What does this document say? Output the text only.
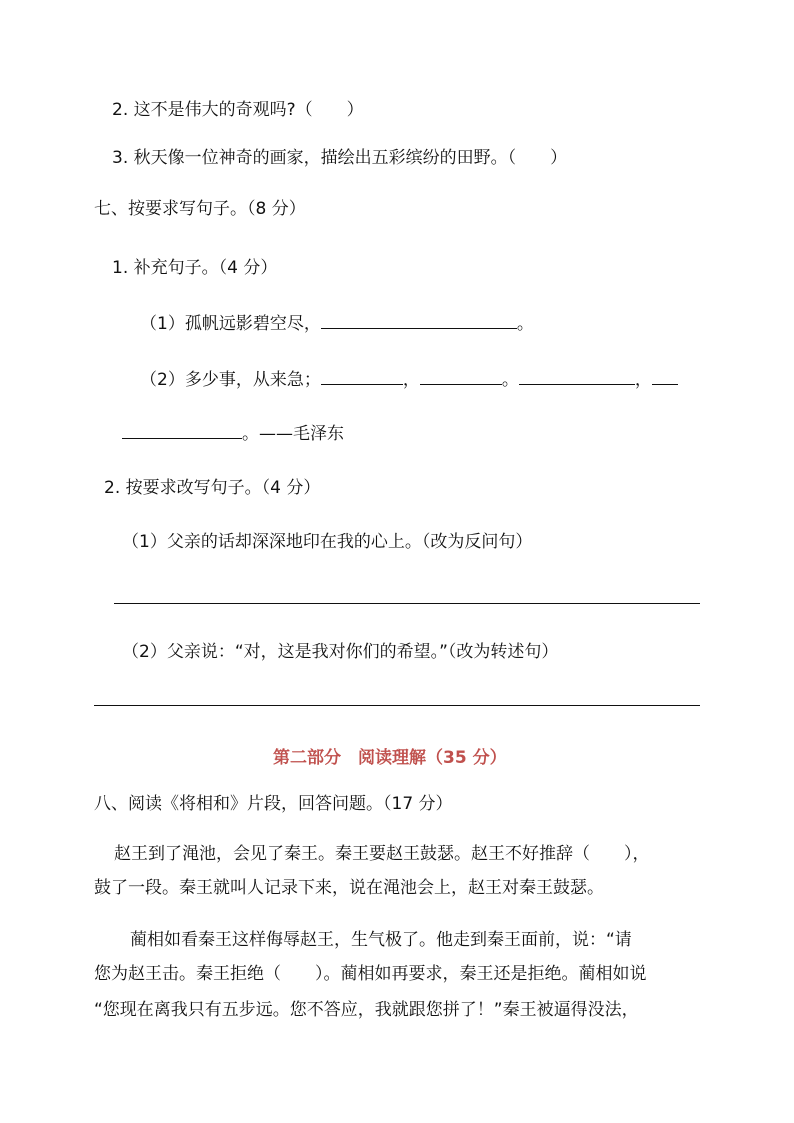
2. 这不是伟大的奇观吗?（　　）
3. 秋天像一位神奇的画家，描绘出五彩缤纷的田野。（　　）
七、按要求写句子。（8 分）
1. 补充句子。（4 分）
（1）孤帆远影碧空尽，	。
（2）多少事，从来急；	，	。	，
。——毛泽东
2. 按要求改写句子。（4 分）
（1）父亲的话却深深地印在我的心上。（改为反问句）
（2）父亲说：“对，这是我对你们的希望。”（改为转述句）
第二部分　阅读理解（35 分）
八、阅读《将相和》片段，回答问题。（17 分）
赵王到了渑池，会见了秦王。秦王要赵王鼓瑟。赵王不好推辞（　　），
鼓了一段。秦王就叫人记录下来，说在渑池会上，赵王对秦王鼓瑟。
蔺相如看秦王这样侮辱赵王，生气极了。他走到秦王面前，说：“请
您为赵王击。秦王拒绝（　　）。蔺相如再要求，秦王还是拒绝。蔺相如说
“您现在离我只有五步远。您不答应，我就跟您拼了！”秦王被逼得没法，
